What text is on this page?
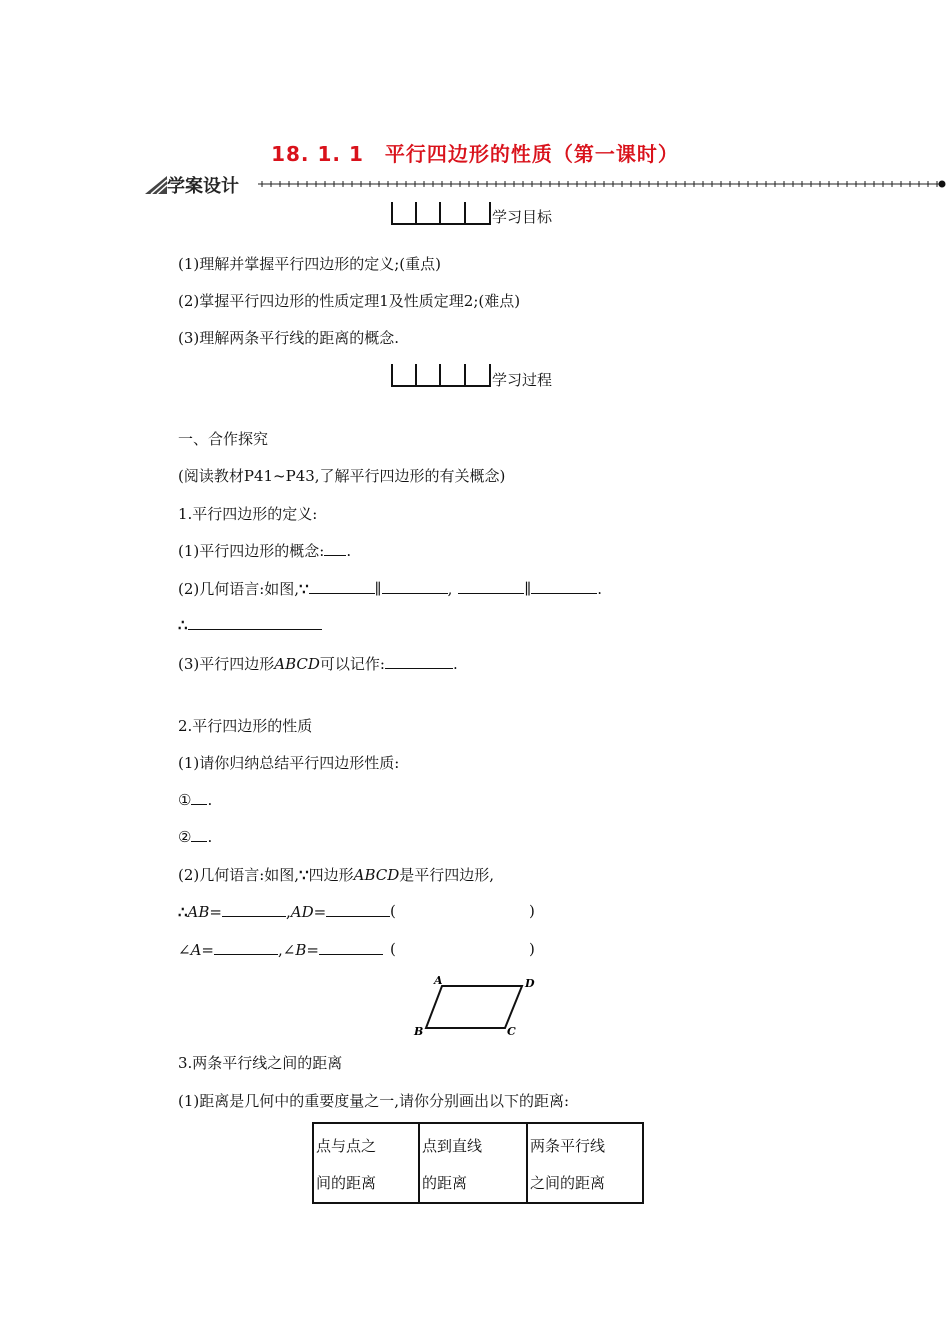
18. 1. 1　平行四边形的性质（第一课时）
学案设计
学习目标
(1)理解并掌握平行四边形的定义;(重点)
(2)掌握平行四边形的性质定理1及性质定理2;(难点)
(3)理解两条平行线的距离的概念.
学习过程
一、合作探究
(阅读教材P41~P43,了解平行四边形的有关概念)
1.平行四边形的定义:
(1)平行四边形的概念: .
(2)几何语言:如图,∵	∥	,	∥	.
∴
(3)平行四边形ABCD可以记作:	.
2.平行四边形的性质
(1)请你归纳总结平行四边形性质:
① .
② .
(2)几何语言:如图,∵四边形ABCD是平行四边形,
∴AB=	,AD=	(	)
∠A=	,∠B=	(	)
A
B	C
D
3.两条平行线之间的距离
(1)距离是几何中的重要度量之一,请你分别画出以下的距离:
点与点之
间的距离

点到直线
的距离

两条平行线
之间的距离
